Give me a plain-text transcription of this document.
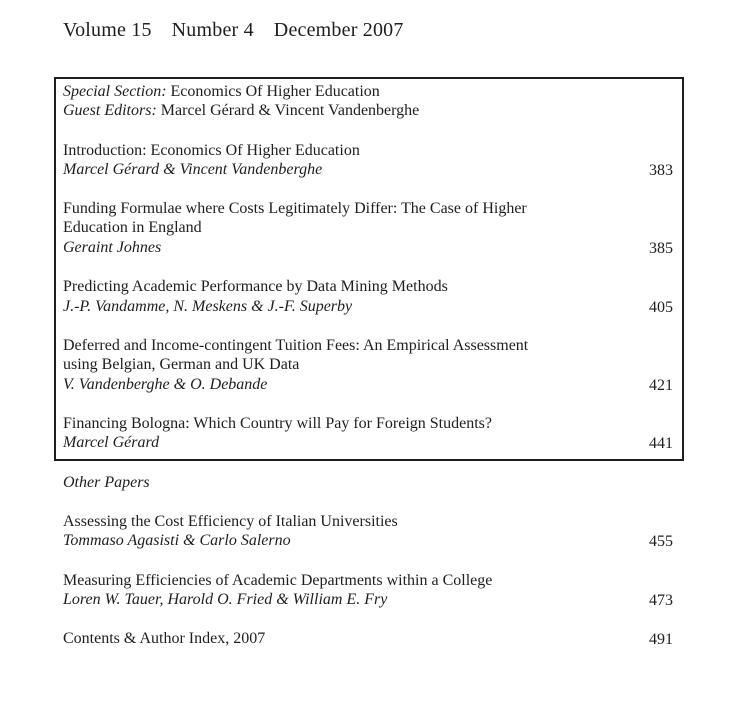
Volume 15 Number 4 December 2007
Special Section: Economics Of Higher Education
Guest Editors: Marcel Gérard & Vincent Vandenberghe
Introduction: Economics Of Higher Education
Marcel Gérard & Vincent Vandenberghe	383
Funding Formulae where Costs Legitimately Differ: The Case of Higher
Education in England
Geraint Johnes	385
Predicting Academic Performance by Data Mining Methods
J.-P. Vandamme, N. Meskens & J.-F. Superby	405
Deferred and Income-contingent Tuition Fees: An Empirical Assessment
using Belgian, German and UK Data
V. Vandenberghe & O. Debande	421
Financing Bologna: Which Country will Pay for Foreign Students?
Marcel Gérard	441
Other Papers
Assessing the Cost Efficiency of Italian Universities
Tommaso Agasisti & Carlo Salerno	455
Measuring Efficiencies of Academic Departments within a College
Loren W. Tauer, Harold O. Fried & William E. Fry	473
Contents & Author Index, 2007	491
